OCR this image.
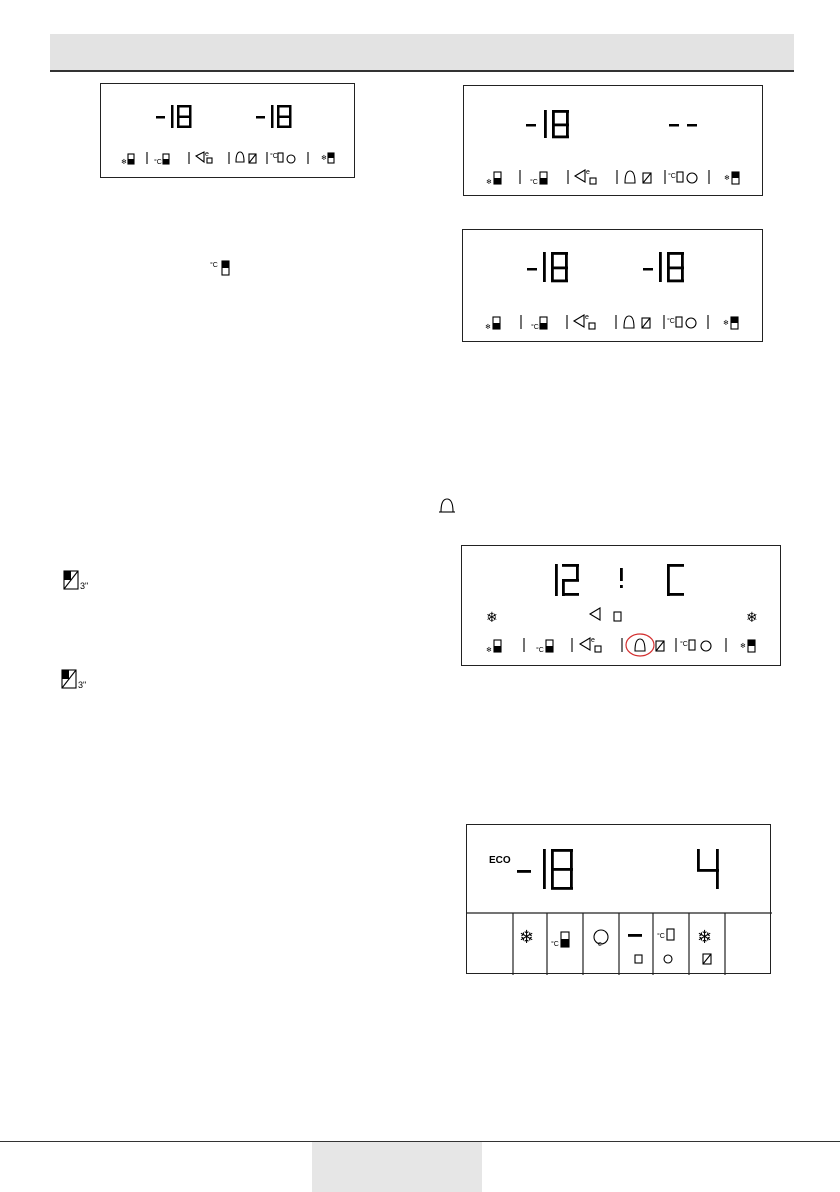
❄	°C
e	°C	❄
❄	°C
e
°C	❄
°C
❄	°C
e
°C	❄
3"
3"
❄	❄
❄	°C
e
°C	❄
ECO
❄ °C	e
°C ❄
